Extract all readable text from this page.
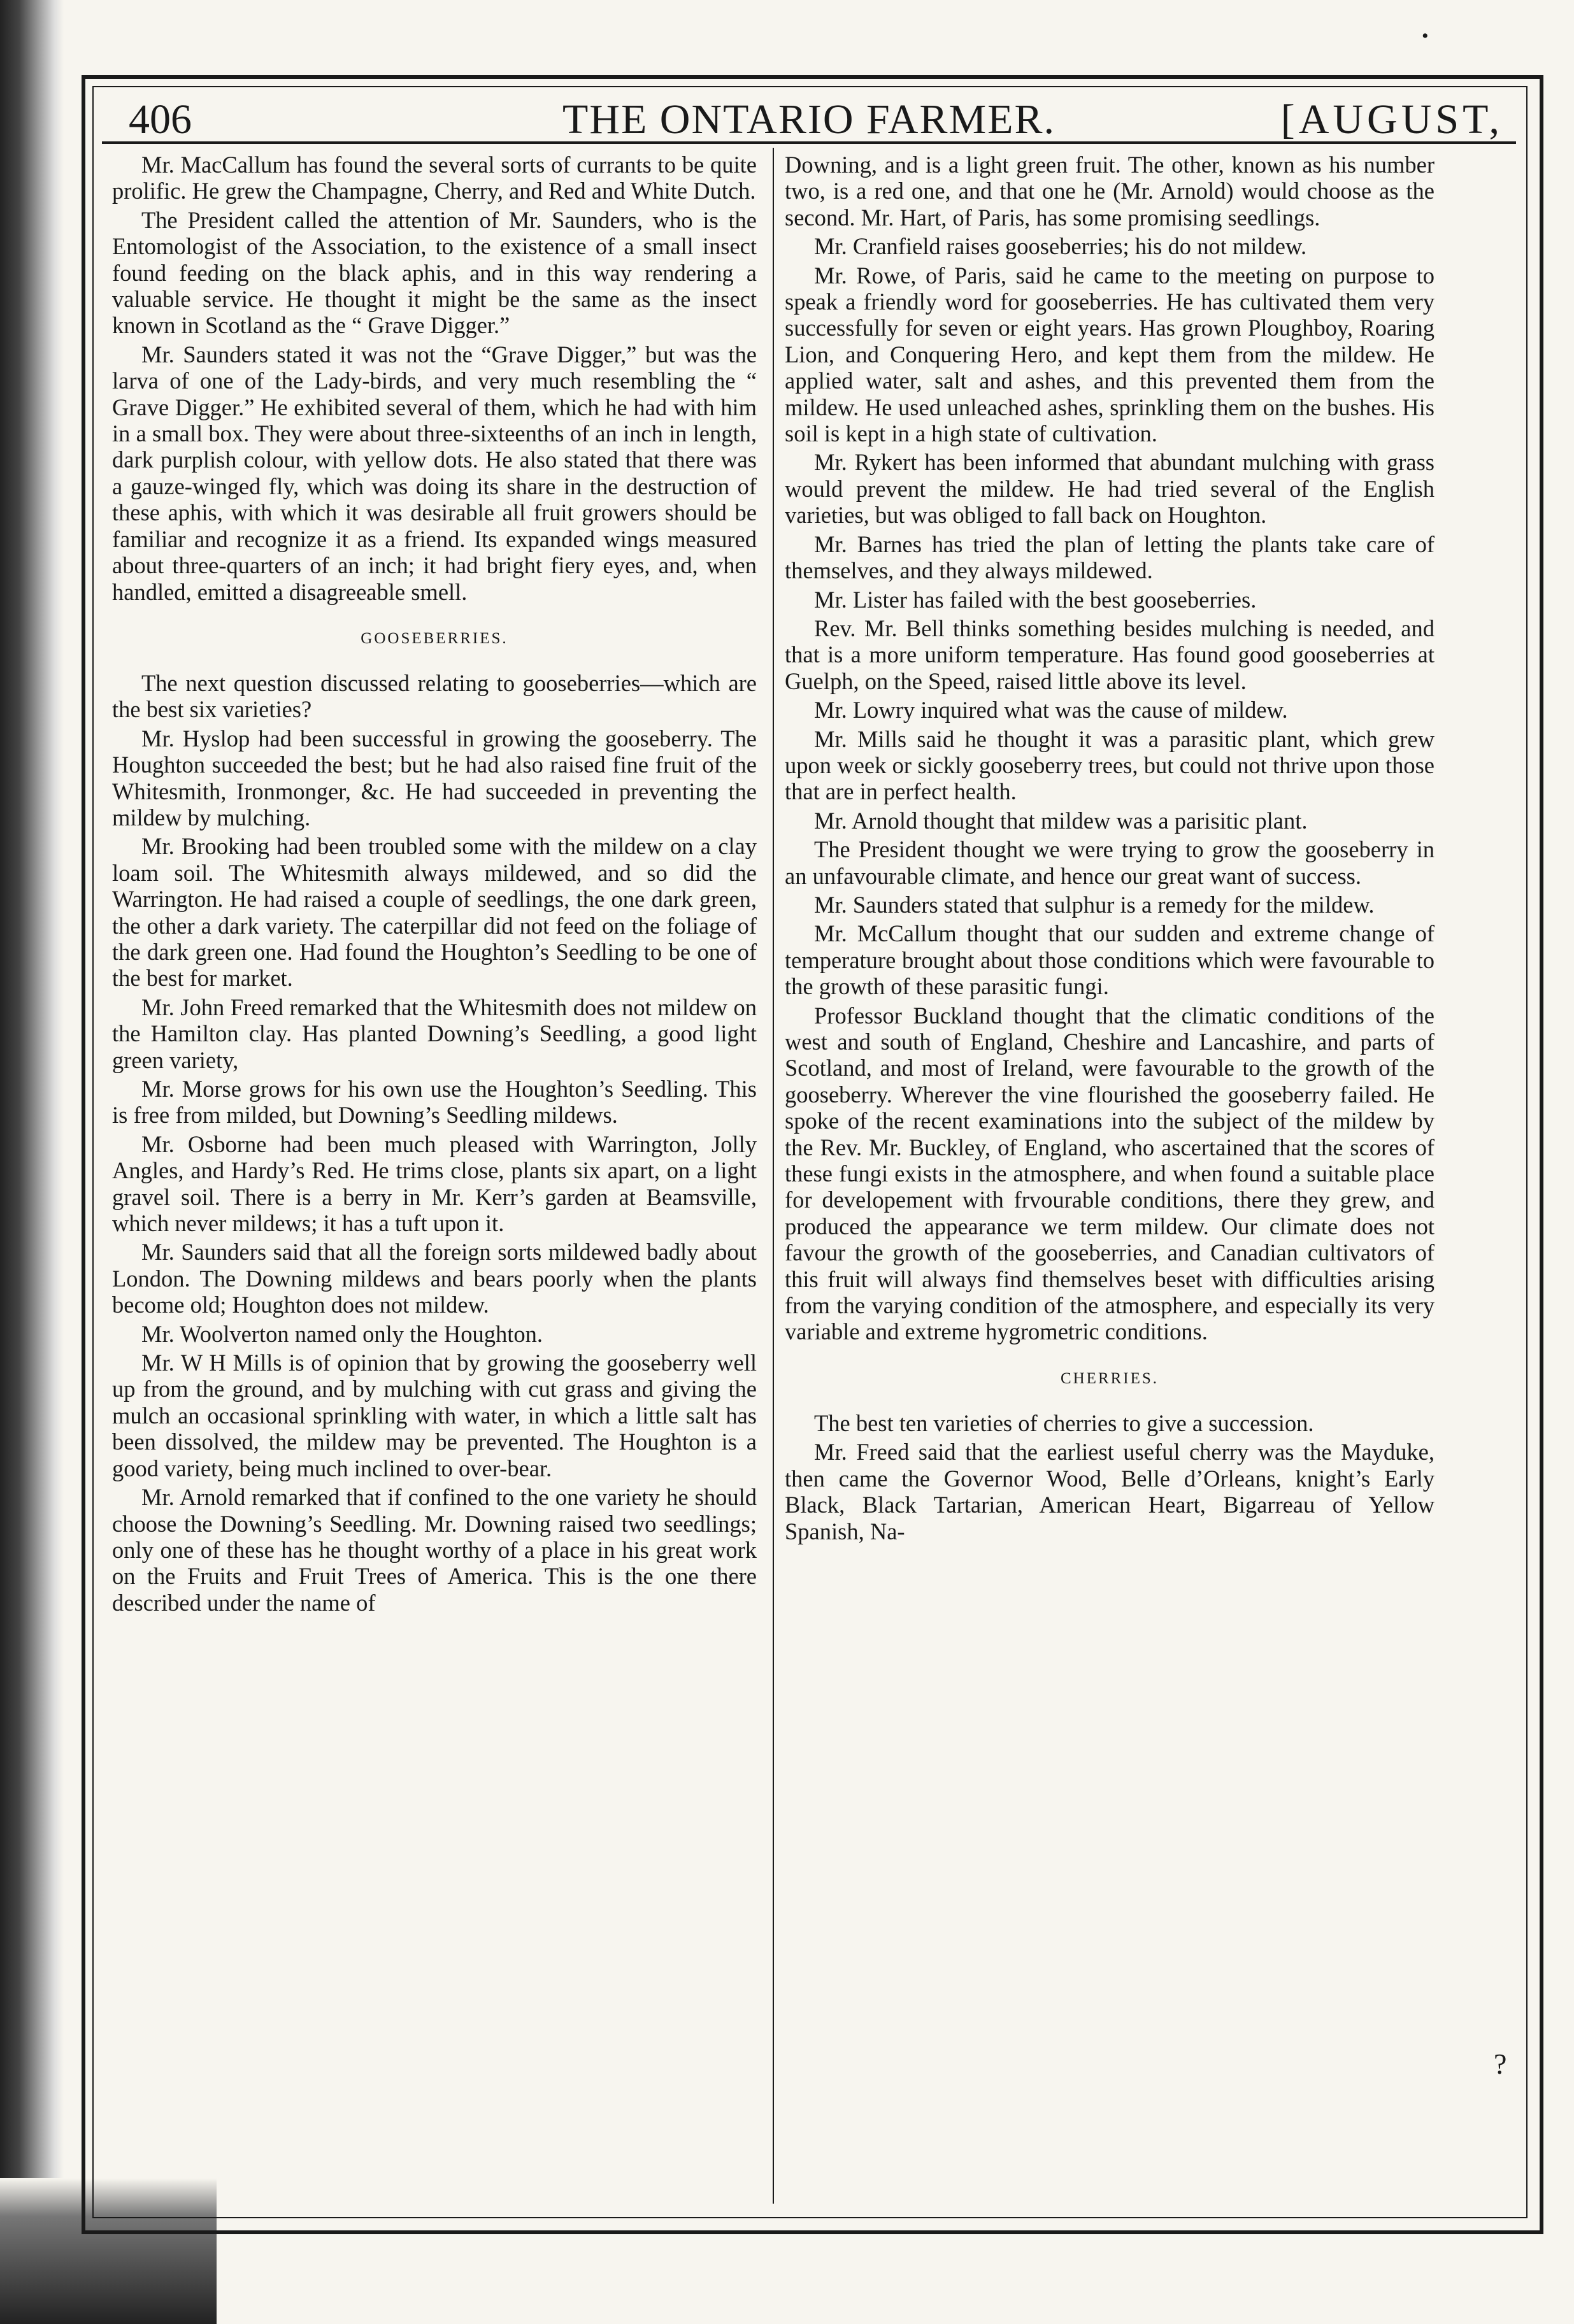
406	THE ONTARIO FARMER.	[AUGUST,

Mr. MacCallum has found the several sorts of currants to be quite prolific. He grew the Champagne, Cherry, and Red and White Dutch.

The President called the attention of Mr. Saunders, who is the Entomologist of the Association, to the existence of a small insect found feeding on the black aphis, and in this way rendering a valuable service. He thought it might be the same as the insect known in Scotland as the “ Grave Digger.”

Mr. Saunders stated it was not the “Grave Digger,” but was the larva of one of the Lady-birds, and very much resembling the “ Grave Digger.” He exhibited several of them, which he had with him in a small box. They were about three-sixteenths of an inch in length, dark purplish colour, with yellow dots. He also stated that there was a gauze-winged fly, which was doing its share in the destruction of these aphis, with which it was desirable all fruit growers should be familiar and recognize it as a friend. Its expanded wings measured about three-quarters of an inch; it had bright fiery eyes, and, when handled, emitted a disagreeable smell.

GOOSEBERRIES.

The next question discussed relating to gooseberries—which are the best six varieties?

Mr. Hyslop had been successful in growing the gooseberry. The Houghton succeeded the best; but he had also raised fine fruit of the Whitesmith, Ironmonger, &c. He had succeeded in preventing the mildew by mulching.

Mr. Brooking had been troubled some with the mildew on a clay loam soil. The Whitesmith always mildewed, and so did the Warrington. He had raised a couple of seedlings, the one dark green, the other a dark variety. The caterpillar did not feed on the foliage of the dark green one. Had found the Houghton’s Seedling to be one of the best for market.

Mr. John Freed remarked that the Whitesmith does not mildew on the Hamilton clay. Has planted Downing’s Seedling, a good light green variety,

Mr. Morse grows for his own use the Houghton’s Seedling. This is free from milded, but Downing’s Seedling mildews.

Mr. Osborne had been much pleased with Warrington, Jolly Angles, and Hardy’s Red. He trims close, plants six apart, on a light gravel soil. There is a berry in Mr. Kerr’s garden at Beamsville, which never mildews; it has a tuft upon it.

Mr. Saunders said that all the foreign sorts mildewed badly about London. The Downing mildews and bears poorly when the plants become old; Houghton does not mildew.

Mr. Woolverton named only the Houghton.

Mr. W H Mills is of opinion that by growing the gooseberry well up from the ground, and by mulching with cut grass and giving the mulch an occasional sprinkling with water, in which a little salt has been dissolved, the mildew may be prevented. The Houghton is a good variety, being much inclined to over-bear.

Mr. Arnold remarked that if confined to the one variety he should choose the Downing’s Seedling. Mr. Downing raised two seedlings; only one of these has he thought worthy of a place in his great work on the Fruits and Fruit Trees of America. This is the one there described under the name of

Downing, and is a light green fruit. The other, known as his number two, is a red one, and that one he (Mr. Arnold) would choose as the second. Mr. Hart, of Paris, has some promising seedlings.

Mr. Cranfield raises gooseberries; his do not mildew.

Mr. Rowe, of Paris, said he came to the meeting on purpose to speak a friendly word for gooseberries. He has cultivated them very successfully for seven or eight years. Has grown Ploughboy, Roaring Lion, and Conquering Hero, and kept them from the mildew. He applied water, salt and ashes, and this prevented them from the mildew. He used unleached ashes, sprinkling them on the bushes. His soil is kept in a high state of cultivation.

Mr. Rykert has been informed that abundant mulching with grass would prevent the mildew. He had tried several of the English varieties, but was obliged to fall back on Houghton.

Mr. Barnes has tried the plan of letting the plants take care of themselves, and they always mildewed.

Mr. Lister has failed with the best gooseberries.

Rev. Mr. Bell thinks something besides mulching is needed, and that is a more uniform temperature. Has found good gooseberries at Guelph, on the Speed, raised little above its level.

Mr. Lowry inquired what was the cause of mildew.

Mr. Mills said he thought it was a parasitic plant, which grew upon week or sickly gooseberry trees, but could not thrive upon those that are in perfect health.

Mr. Arnold thought that mildew was a parisitic plant.

The President thought we were trying to grow the gooseberry in an unfavourable climate, and hence our great want of success.

Mr. Saunders stated that sulphur is a remedy for the mildew.

Mr. McCallum thought that our sudden and extreme change of temperature brought about those conditions which were favourable to the growth of these parasitic fungi.

Professor Buckland thought that the climatic conditions of the west and south of England, Cheshire and Lancashire, and parts of Scotland, and most of Ireland, were favourable to the growth of the gooseberry. Wherever the vine flourished the gooseberry failed. He spoke of the recent examinations into the subject of the mildew by the Rev. Mr. Buckley, of England, who ascertained that the scores of these fungi exists in the atmosphere, and when found a suitable place for developement with frvourable conditions, there they grew, and produced the appearance we term mildew. Our climate does not favour the growth of the gooseberries, and Canadian cultivators of this fruit will always find themselves beset with difficulties arising from the varying condition of the atmosphere, and especially its very variable and extreme hygrometric conditions.

CHERRIES.

The best ten varieties of cherries to give a succession.

Mr. Freed said that the earliest useful cherry was the Mayduke, then came the Governor Wood, Belle d’Orleans, knight’s Early Black, Black Tartarian, American Heart, Bigarreau of Yellow Spanish, Na-

?
•
